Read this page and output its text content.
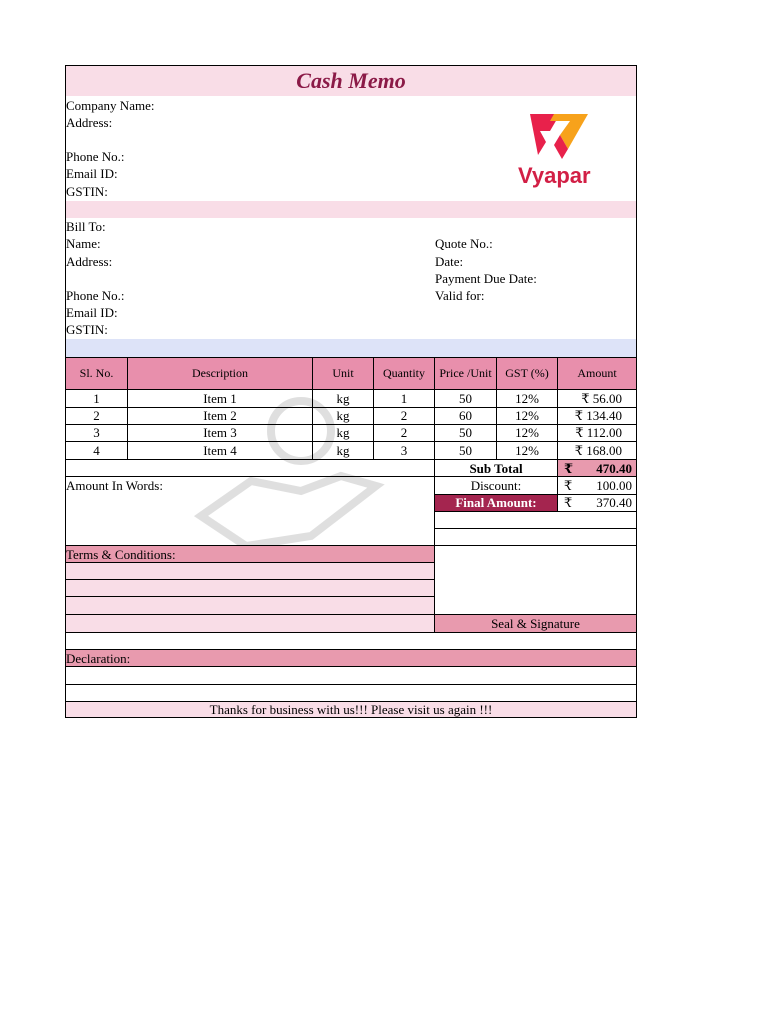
Cash Memo
Company Name:
Address:
Phone No.:
Email ID:
GSTIN:
Vyapar
Bill To:
Name:
Address:
Phone No.:
Email ID:
GSTIN:
Quote No.:
Date:
Payment Due Date:
Valid for:
Sl. No.	Description	Unit	Quantity	Price /Unit	GST (%)	Amount
1	Item 1	kg	1	50	12%	₹ 56.00
2	Item 2	kg	2	60	12%	₹ 134.40
3	Item 3	kg	2	50	12%	₹ 112.00
4	Item 4	kg	3	50	12%	₹ 168.00
Sub Total	₹	470.40
Discount:	₹	100.00
Final Amount:	₹	370.40
Amount In Words:
Terms & Conditions:
Seal & Signature
Declaration:
Thanks for business with us!!! Please visit us again !!!
